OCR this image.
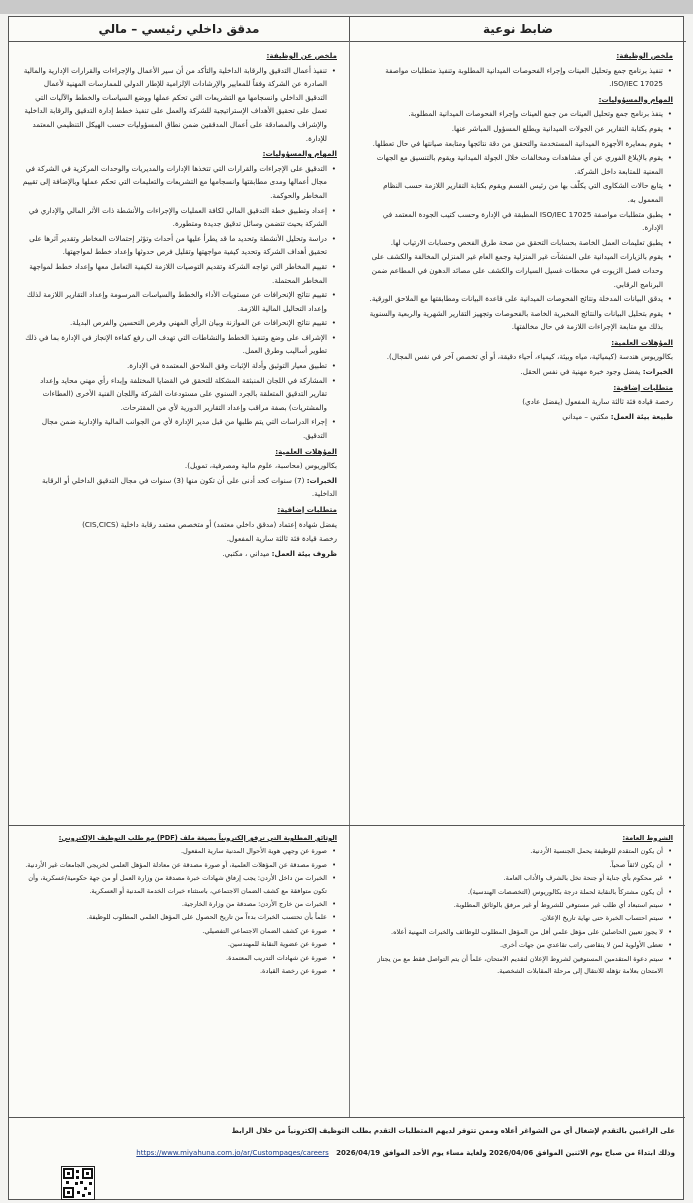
ضابط نوعية
مدقق داخلي رئيسي – مالي
ملخص الوظيفة:
• تنفيذ برنامج جمع وتحليل العينات وإجراء الفحوصات الميدانية المطلوبة وتنفيذ متطلبات مواصفة ISO/IEC 17025.
المهام والمسؤوليات:
• ينفذ برنامج جمع وتحليل العينات من جمع العينات وإجراء الفحوصات الميدانية المطلوبة.
• يقوم بكتابة التقارير عن الجولات الميدانية ويطلع المسؤول المباشر عنها.
• يقوم بمعايرة الأجهزة الميدانية المستخدمة والتحقق من دقة نتائجها ومتابعة صيانتها في حال تعطلها.
• يقوم بالإبلاغ الفوري عن أي مشاهدات ومخالفات خلال الجولة الميدانية ويقوم بالتنسيق مع الجهات المعنية للمتابعة داخل الشركة.
• يتابع حالات الشكاوى التي يكلّف بها من رئيس القسم ويقوم بكتابة التقارير اللازمة حسب النظام المعمول به.
• يطبق متطلبات مواصفة ISO/IEC 17025 المطبقة في الإدارة وحسب كتيب الجودة المعتمد في الإدارة.
• يطبق تعليمات العمل الخاصة بحسابات التحقق من صحة طرق الفحص وحسابات الارتياب لها.
• يقوم بالزيارات الميدانية على المنشآت غير المنزلية وجمع العام غير المنزلي المخالفة والكشف على وحدات فصل الزيوت في محطات غسيل السيارات والكشف على مصائد الدهون في المطاعم ضمن البرنامج الرقابي.
• يدقق البيانات المدخلة ونتائج الفحوصات الميدانية على قاعدة البيانات ومطابقتها مع الملاحق الورقية.
• يقوم بتحليل البيانات والنتائج المخبرية الخاصة بالفحوصات وتجهيز التقارير الشهرية والربعية والسنوية بذلك مع متابعة الإجراءات اللازمة في حال مخالفتها.
المؤهلات العلمية:

بكالوريوس هندسة (كيميائية، مياه وبيئة، كيمياء، أحياء دقيقة، أو أي تخصص آخر في نفس المجال).

الخبرات: يفضل وجود خبرة مهنية في نفس الحقل.

متطلبات إضافية:

رخصة قيادة فئة ثالثة سارية المفعول (يفضل عادي)

طبيعة بيئة العمل: مكتبي – ميداني

ملخص عن الوظيفة:
• تنفيذ أعمال التدقيق والرقابة الداخلية والتأكد من أن سير الأعمال والإجراءات والقرارات الإدارية والمالية الصادرة عن الشركة وفقاً للمعايير والإرشادات الإلزامية للإطار الدولي للممارسات المهنية لأعمال التدقيق الداخلي وانسجامها مع التشريعات التي تحكم عملها ووضع السياسات والخطط والآليات التي تعمل على تحقيق الأهداف الإستراتيجية للشركة والعمل على تنفيذ خطط إدارة التدقيق والرقابة الداخلية والإشراف والمصادقة على أعمال المدققين ضمن نطاق المسؤوليات حسب الهيكل التنظيمي المعتمد للإدارة.
المهام والمسؤوليات:
• التدقيق على الإجراءات والقرارات التي تتخذها الإدارات والمديريات والوحدات المركزية في الشركة في مجال أعمالها ومدى مطابقتها وانسجامها مع التشريعات والتعليمات التي تحكم عملها وبالإضافة إلى تقييم المخاطر والحوكمة.
• إعداد وتطبيق خطة التدقيق المالي لكافة العمليات والإجراءات والأنشطة ذات الأثر المالي والإداري في الشركة بحيث تتضمن وسائل تدقيق جديدة ومتطورة.
• دراسة وتحليل الأنشطة وتحديد ما قد يطرأ عليها من أحداث وتؤثر إحتمالات المخاطر وتقدير آثرها على تحقيق أهداف الشركة وتحديد كيفية مواجهتها وتقليل فرص حدوثها وإعداد خطط لمواجهتها.
• تقييم المخاطر التي تواجه الشركة وتقديم التوصيات اللازمة لكيفية التعامل معها وإعداد خطط لمواجهة المخاطر المحتملة.
• تقييم نتائج الإنحرافات عن مستويات الأداء والخطط والسياسات المرسومة وإعداد التقارير اللازمة لذلك وإعداد التحاليل المالية اللازمة.
• تقييم نتائج الإنحرافات عن الموازنة وبيان الرأي المهني وفرص التحسين والفرص البديلة.
• الإشراف على وضع وتنفيذ الخطط والنشاطات التي تهدف الى رفع كفاءة الإنجاز في الإدارة بما في ذلك تطوير أساليب وطرق العمل.
• تطبيق معيار التوثيق وأدلة الإثبات وفق الملاحق المعتمدة في الإدارة.
• المشاركة في اللجان المنبثقة المشكلة للتحقق في القضايا المختلفة وإبداء رأي مهني محايد وإعداد تقارير التدقيق المتعلقة بالجرد السنوي على مستودعات الشركة واللجان الفنية الأخرى (العطاءات والمشتريات) بصفة مراقب وإعداد التقارير الدورية لأي من المقترحات.
• إجراء الدراسات التي يتم طلبها من قبل مدير الإدارة لأي من الجوانب المالية والإدارية ضمن مجال التدقيق.
المؤهلات العلمية:

بكالوريوس (محاسبة، علوم مالية ومصرفية، تمويل).

الخبرات: (7) سنوات كحد أدنى على أن تكون منها (3) سنوات في مجال التدقيق الداخلي أو الرقابة الداخلية.

متطلبات إضافية:

يفضل شهادة إعتماد (مدقق داخلي معتمد) أو متخصص معتمد رقابة داخلية (CIS,CICS)

رخصة قيادة فئة ثالثة سارية المفعول.

ظروف بيئة العمل: ميداني ، مكتبي.

الشروط العامة:
• أن يكون المتقدم للوظيفة يحمل الجنسية الأردنية.
• أن يكون لائقاً صحياً.
• غير محكوم بأي جناية أو جنحة تخل بالشرف والأداب العامة.
• أن يكون مشتركاً بالنقابة لحملة درجة بكالوريوس (التخصصات الهندسية).
• سيتم استبعاد أي طلب غير مستوفي للشروط أو غير مرفق بالوثائق المطلوبة.
• سيتم احتساب الخبرة حتى نهاية تاريخ الإعلان.
• لا يجوز تعيين الحاصلين على مؤهل علمي أقل من المؤهل المطلوب للوظائف والخبرات المهنية أعلاه.
• تعطى الأولوية لمن لا يتقاضى راتب تقاعدي من جهات أخرى.
• سيتم دعوة المتقدمين المستوفين لشروط الإعلان لتقديم الامتحان، علماً أن يتم التواصل فقط مع من يجتاز الامتحان بعلامة تؤهله للانتقال إلى مرحلة المقابلات الشخصية.
الوثائق المطلوبة التي ترفق إلكترونياً بصيغة ملف (PDF) مع طلب التوظيف الإلكتروني:
• صورة عن وجهي هوية الأحوال المدنية سارية المفعول.
• صورة مصدقة عن المؤهلات العلمية، أو صورة مصدقة عن معادلة المؤهل العلمي لخريجي الجامعات غير الأردنية.
• الخبرات من داخل الأردن: يجب إرفاق شهادات خبرة مصدقة من وزارة العمل أو من جهة حكومية/عسكرية، وأن تكون متوافقة مع كشف الضمان الاجتماعي، باستثناء خبرات الخدمة المدنية أو العسكرية.
• الخبرات من خارج الأردن: مصدقة من وزارة الخارجية.
• علماً بأن تحتسب الخبرات بدءاً من تاريخ الحصول على المؤهل العلمي المطلوب للوظيفة.
• صورة عن كشف الضمان الاجتماعي التفصيلي.
• صورة عن عضوية النقابة للمهندسين.
• صورة عن شهادات التدريب المعتمدة.
• صورة عن رخصة القيادة.
على الراغبين بالتقدم لإشغال أي من الشواغر أعلاه وممن تتوفر لديهم المتطلبات التقدم بطلب التوظيف إلكترونياً من خلال الرابط
وذلك ابتداءً من صباح يوم الاثنين الموافق 2026/04/06 ولغاية مساء يوم الأحد الموافق 2026/04/19   https://www.miyahuna.com.jo/ar/Custompages/careers
